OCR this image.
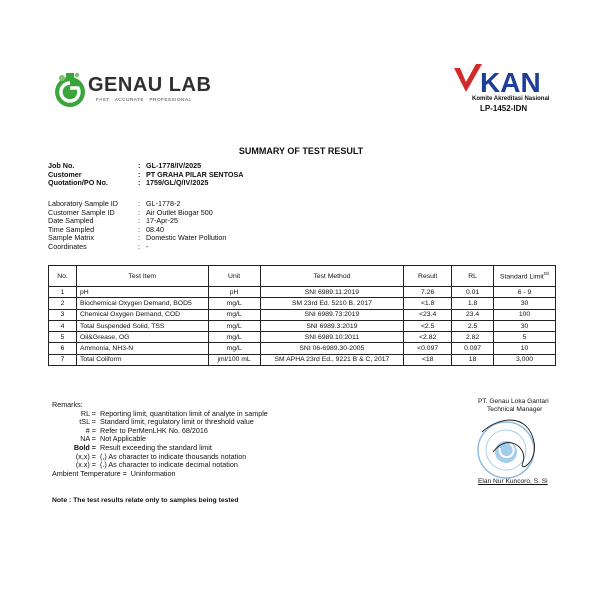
GENAU LAB
FAST · ACCURATE · PROFESSIONAL
KAN
Komite Akreditasi Nasional
LP-1452-IDN
SUMMARY OF TEST RESULT
Job No.	: GL-1778/IV/2025
Customer	: PT GRAHA PILAR SENTOSA
Quotation/PO No.	: 1759/GL/Q/IV/2025
Laboratory Sample ID	: GL-1778-2
Customer Sample ID	: Air Outlet Biogar 500
Date Sampled	: 17-Apr-25
Time Sampled	: 08.40
Sample Matrix	: Domestic Water Pollution
Coordinates	: -
No.	Test Item	Unit	Test Method	Result	RL	Standard Limit$^{tSl}$
1	pH	pH	SNI 6989.11:2019	7.26	0.01	6 - 9
2	Biochemical Oxygen Demand, BOD5	mg/L	SM 23rd Ed. 5210 B. 2017	<1.8	1.8	30
3	Chemical Oxygen Demand, COD	mg/L	SNI 6989.73:2019	<23.4	23.4	100
4	Total Suspended Solid, TSS	mg/L	SNI 6989.3:2019	<2.5	2.5	30
5	Oil&Grease, OG	mg/L	SNI 6989.10:2011	<2.82	2.82	5
6	Ammonia, NH3-N	mg/L	SNI 06-6989.30-2005	<0.097	0.097	10
7	Total Coliform	jml/100 mL	SM APHA 23rd Ed., 9221 B & C, 2017	<18	18	3,000
Remarks:
RL = Reporting limit, quantitation limit of analyte in sample
tSL = Standard limit, regulatory limit or threshold value
# = Refer to PerMenLHK No. 68/2016
NA = Not Applicable
Bold = Result exceeding the standard limit
(x,x) = (,) As character to indicate thousands notation
(x.x) = (.) As character to indicate decimal notation
Ambient Temperature = Uninformation
Note : The test results relate only to samples being tested
PT. Genau Loka Gantari
Technical Manager
Elan Nur Kuncoro, S. Si
